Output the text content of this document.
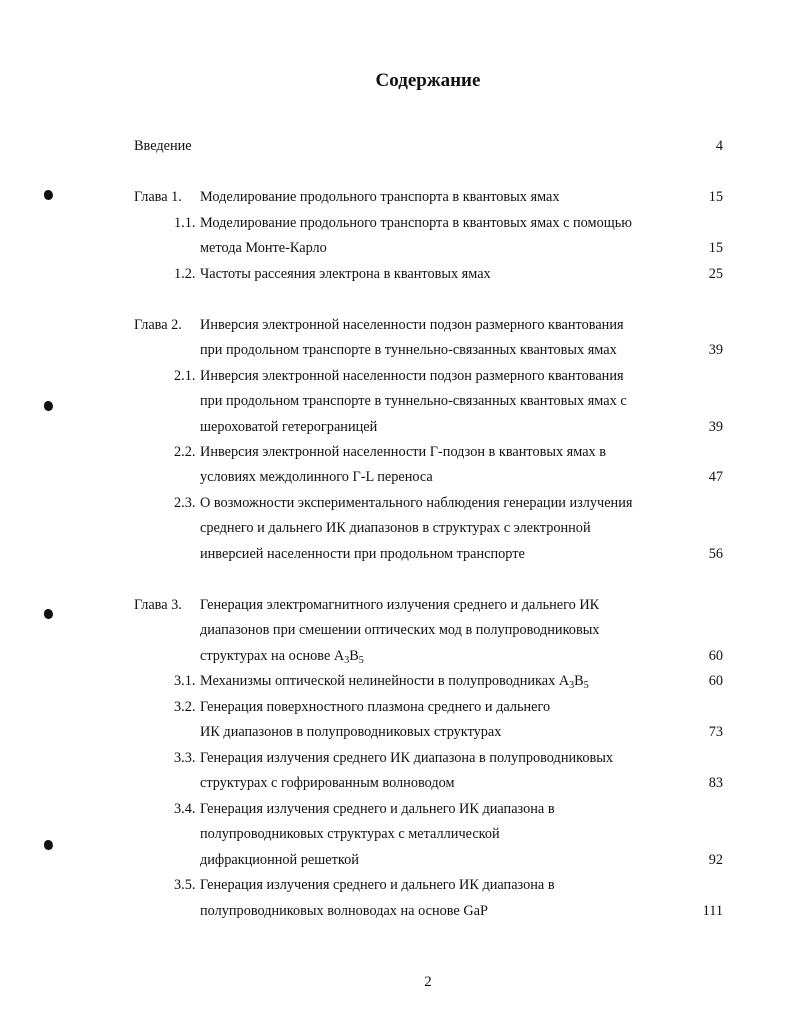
Содержание
Введение	4
Глава 1. Моделирование продольного транспорта в квантовых ямах	15
1.1. Моделирование продольного транспорта в квантовых ямах с помощью
метода Монте-Карло	15
1.2. Частоты рассеяния электрона в квантовых ямах	25
Глава 2. Инверсия электронной населенности подзон размерного квантования
при продольном транспорте в туннельно-связанных квантовых ямах	39
2.1. Инверсия электронной населенности подзон размерного квантования
при продольном транспорте в туннельно-связанных квантовых ямах с
шероховатой гетерограницей	39
2.2. Инверсия электронной населенности Г-подзон в квантовых ямах в
условиях междолинного Г-L переноса	47
2.3. О возможности экспериментального наблюдения генерации излучения
среднего и дальнего ИК диапазонов в структурах с электронной
инверсией населенности при продольном транспорте	56
Глава 3. Генерация электромагнитного излучения среднего и дальнего ИК
диапазонов при смешении оптических мод в полупроводниковых
структурах на основе $A_3B_5$	60
3.1. Механизмы оптической нелинейности в полупроводниках $A_3B_5$	60
3.2. Генерация поверхностного плазмона среднего и дальнего
ИК диапазонов в полупроводниковых структурах	73
3.3. Генерация излучения среднего ИК диапазона в полупроводниковых
структурах с гофрированным волноводом	83
3.4. Генерация излучения среднего и дальнего ИК диапазона в
полупроводниковых структурах с металлической
дифракционной решеткой	92
3.5. Генерация излучения среднего и дальнего ИК диапазона в
полупроводниковых волноводах на основе GaP	111
2
